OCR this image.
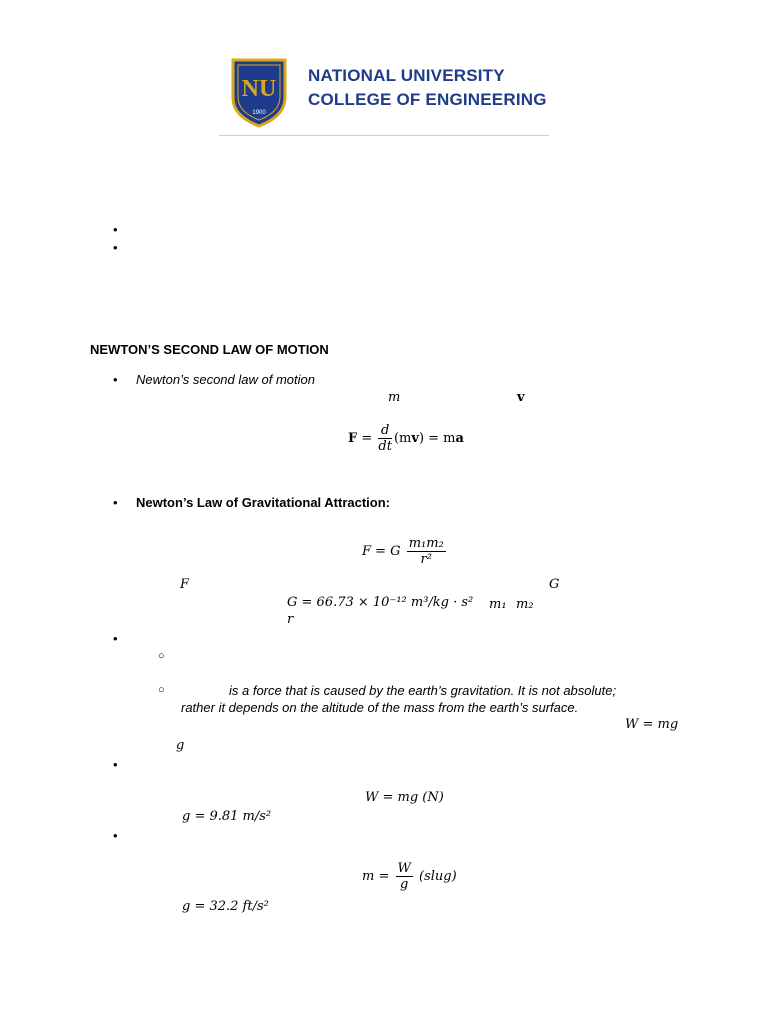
NU
1900
NATIONAL UNIVERSITY
COLLEGE OF ENGINEERING
•
•
NEWTON’S SECOND LAW OF MOTION
• Newton’s second law of motion
m	v
$F = \frac{d}{dt} (mv)$ = ma
• Newton’s Law of Gravitational Attraction:
F = G $\frac{\text{m₁m₂}}{\text{r²}}$
F	G
G = 66.73 × 10⁻¹² m³/kg · s² m₁ m₂
r
•
○
○	is a force that is caused by the earth’s gravitation. It is not absolute;
rather it depends on the altitude of the mass from the earth’s surface.
W = mg
g
•
W = mg (N)
g = 9.81 m/s²
•
$m = \frac{W}{g}$ (slug)
g = 32.2 ft/s²
